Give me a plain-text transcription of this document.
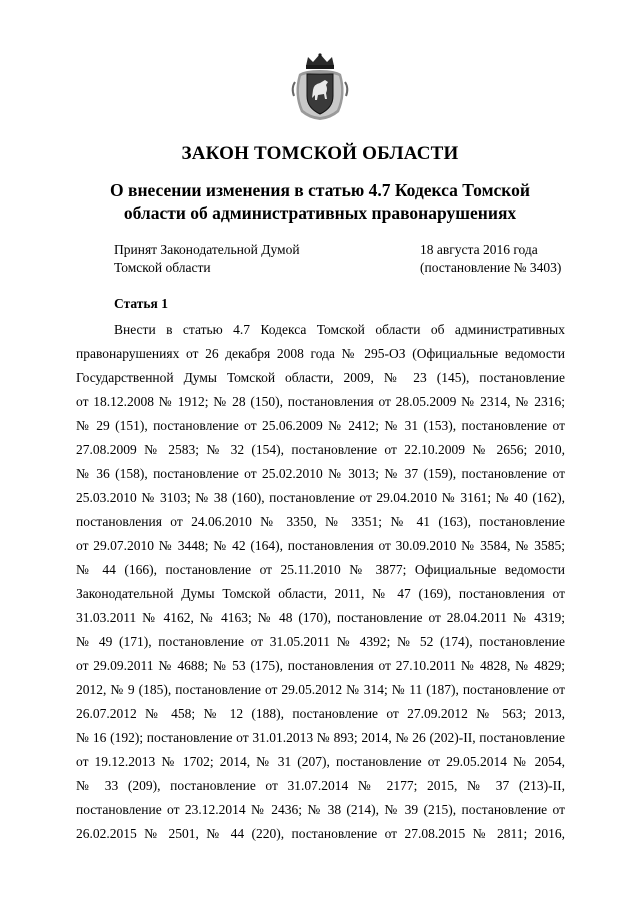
ЗАКОН ТОМСКОЙ ОБЛАСТИ
О внесении изменения в статью 4.7 Кодекса Томской
области об административных правонарушениях
Принят Законодательной Думой
Томской области
18 августа 2016 года
(постановление № 3403)
Статья 1
Внести в статью 4.7 Кодекса Томской области об административных
правонарушениях от 26 декабря 2008 года № 295-ОЗ (Официальные ведомости
Государственной Думы Томской области, 2009, № 23 (145), постановление
от 18.12.2008 № 1912; № 28 (150), постановления от 28.05.2009 № 2314, № 2316;
№ 29 (151), постановление от 25.06.2009 № 2412; № 31 (153), постановление от
27.08.2009 № 2583; № 32 (154), постановление от 22.10.2009 № 2656; 2010,
№ 36 (158), постановление от 25.02.2010 № 3013; № 37 (159), постановление от
25.03.2010 № 3103; № 38 (160), постановление от 29.04.2010 № 3161; № 40 (162),
постановления от 24.06.2010 № 3350, № 3351; № 41 (163), постановление
от 29.07.2010 № 3448; № 42 (164), постановления от 30.09.2010 № 3584, № 3585;
№ 44 (166), постановление от 25.11.2010 № 3877; Официальные ведомости
Законодательной Думы Томской области, 2011, № 47 (169), постановления от
31.03.2011 № 4162, № 4163; № 48 (170), постановление от 28.04.2011 № 4319;
№ 49 (171), постановление от 31.05.2011 № 4392; № 52 (174), постановление
от 29.09.2011 № 4688; № 53 (175), постановления от 27.10.2011 № 4828, № 4829;
2012, № 9 (185), постановление от 29.05.2012 № 314; № 11 (187), постановление от
26.07.2012 № 458; № 12 (188), постановление от 27.09.2012 № 563; 2013,
№ 16 (192); постановление от 31.01.2013 № 893; 2014, № 26 (202)-II, постановление
от 19.12.2013 № 1702; 2014, № 31 (207), постановление от 29.05.2014 № 2054,
№ 33 (209), постановление от 31.07.2014 № 2177; 2015, № 37 (213)-II,
постановление от 23.12.2014 № 2436; № 38 (214), № 39 (215), постановление от
26.02.2015 № 2501, № 44 (220), постановление от 27.08.2015 № 2811; 2016,
